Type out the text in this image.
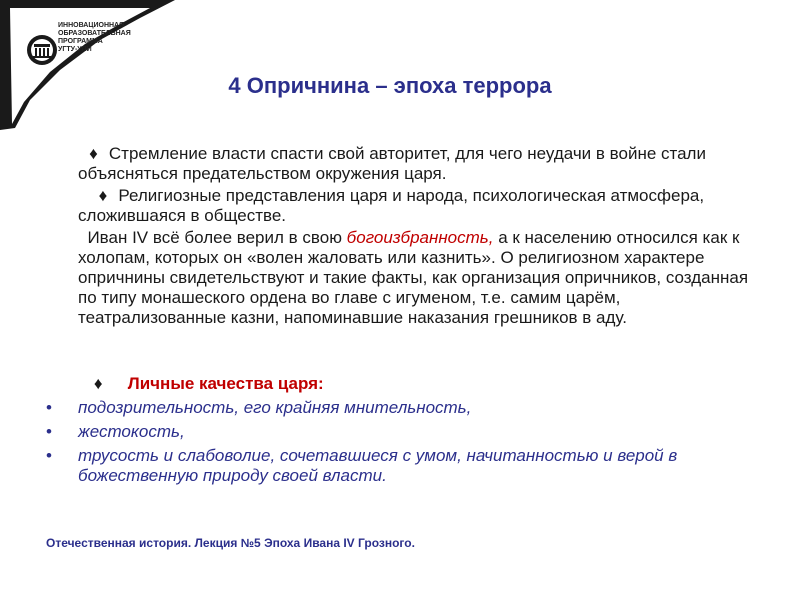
ИННОВАЦИОННАЯ
ОБРАЗОВАТЕЛЬНАЯ
ПРОГРАММА
УГТУ-УПИ
4 Опричнина – эпоха террора
♦ Стремление власти спасти свой авторитет, для чего неудачи в войне стали объясняться предательством окружения царя.
♦ Религиозные представления царя и народа, психологическая атмосфера, сложившаяся в обществе.
Иван IV всё более верил в свою богоизбранность, а к населению относился как к холопам, которых он «волен жаловать или казнить». О религиозном характере опричнины свидетельствуют и такие факты, как организация опричников, созданная по типу монашеского ордена во главе с игуменом, т.е. самим царём, театрализованные казни, напоминавшие наказания грешников в аду.
♦ Личные качества царя:
• подозрительность, его крайняя мнительность,
• жестокость,
• трусость и слабоволие, сочетавшиеся с умом, начитанностью и верой в божественную природу своей власти.
Отечественная история. Лекция №5 Эпоха Ивана IV Грозного.
